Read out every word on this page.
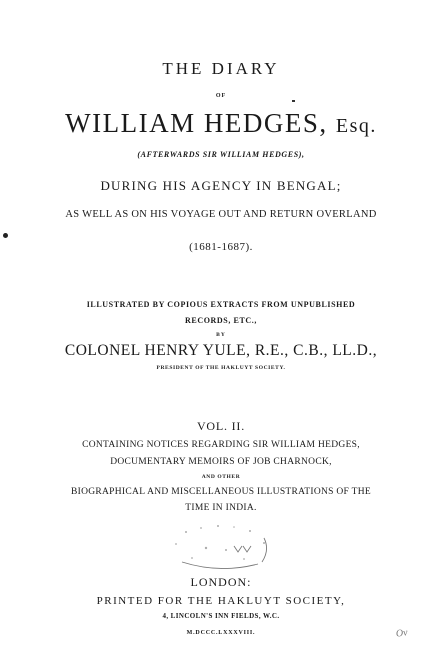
THE DIARY
OF
WILLIAM HEDGES, Esq.
(AFTERWARDS SIR WILLIAM HEDGES),
DURING HIS AGENCY IN BENGAL;
AS WELL AS ON HIS VOYAGE OUT AND RETURN OVERLAND
(1681-1687).
ILLUSTRATED BY COPIOUS EXTRACTS FROM UNPUBLISHED
RECORDS, ETC.,
BY
COLONEL HENRY YULE, R.E., C.B., LL.D.,
PRESIDENT OF THE HAKLUYT SOCIETY.
VOL. II.
CONTAINING NOTICES REGARDING SIR WILLIAM HEDGES,
DOCUMENTARY MEMOIRS OF JOB CHARNOCK,
AND OTHER
BIOGRAPHICAL AND MISCELLANEOUS ILLUSTRATIONS OF THE
TIME IN INDIA.
LONDON:
PRINTED FOR THE HAKLUYT SOCIETY,
4, LINCOLN'S INN FIELDS, W.C.
M.DCCC.LXXXVIII.	Ov
